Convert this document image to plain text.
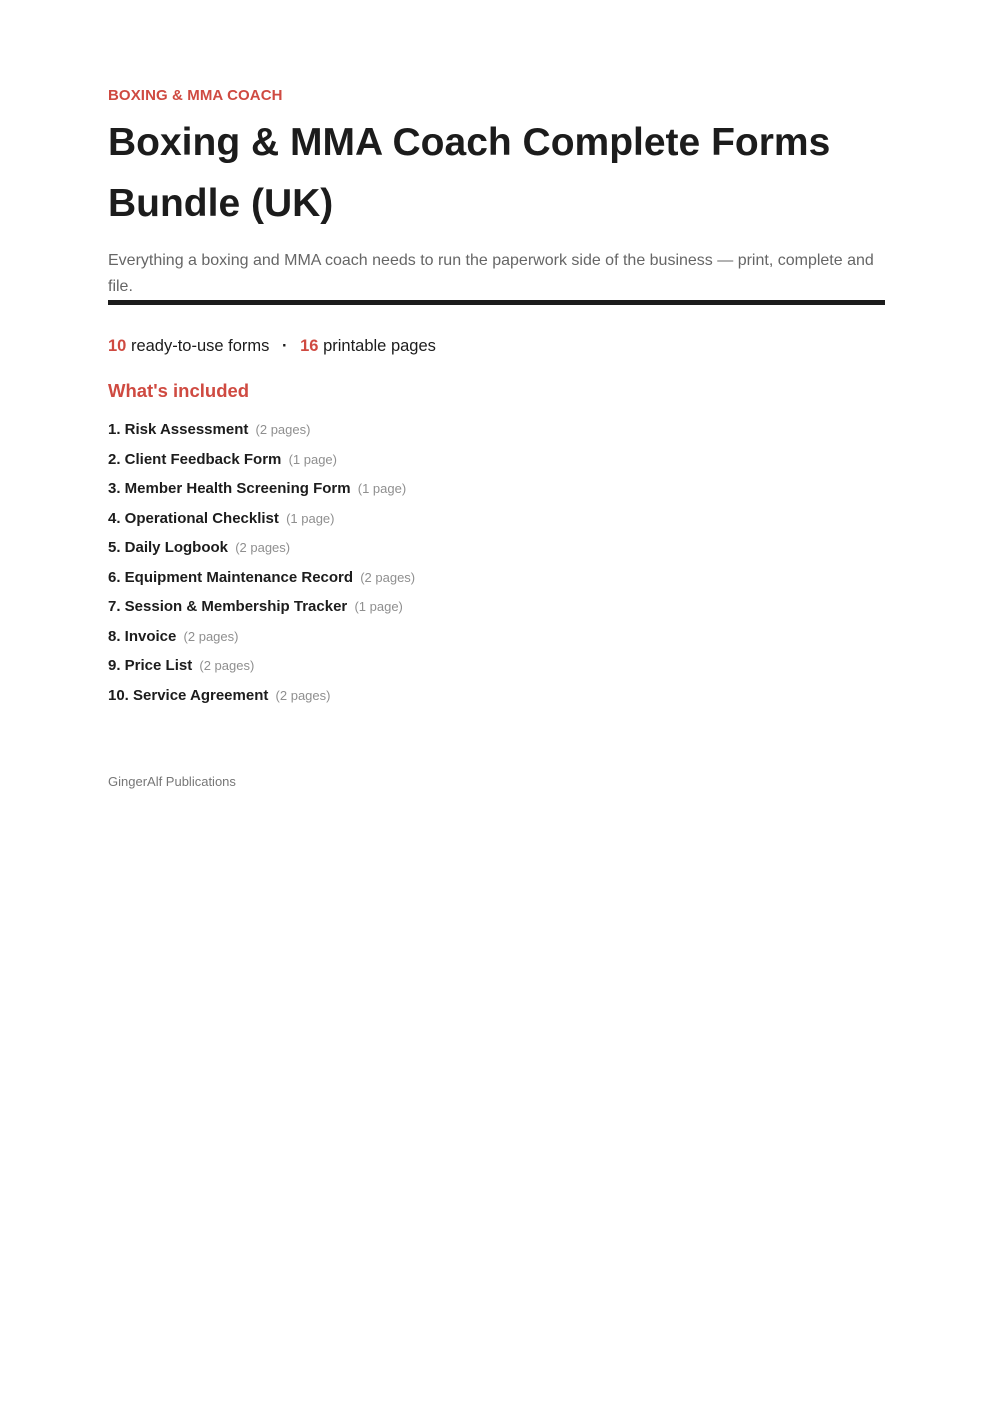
BOXING & MMA COACH

Boxing & MMA Coach Complete Forms Bundle (UK)

Everything a boxing and MMA coach needs to run the paperwork side of the business — print, complete and file.

10 ready-to-use forms · 16 printable pages
What's included
1. Risk Assessment (2 pages)
2. Client Feedback Form (1 page)
3. Member Health Screening Form (1 page)
4. Operational Checklist (1 page)
5. Daily Logbook (2 pages)
6. Equipment Maintenance Record (2 pages)
7. Session & Membership Tracker (1 page)
8. Invoice (2 pages)
9. Price List (2 pages)
10. Service Agreement (2 pages)
GingerAlf Publications
